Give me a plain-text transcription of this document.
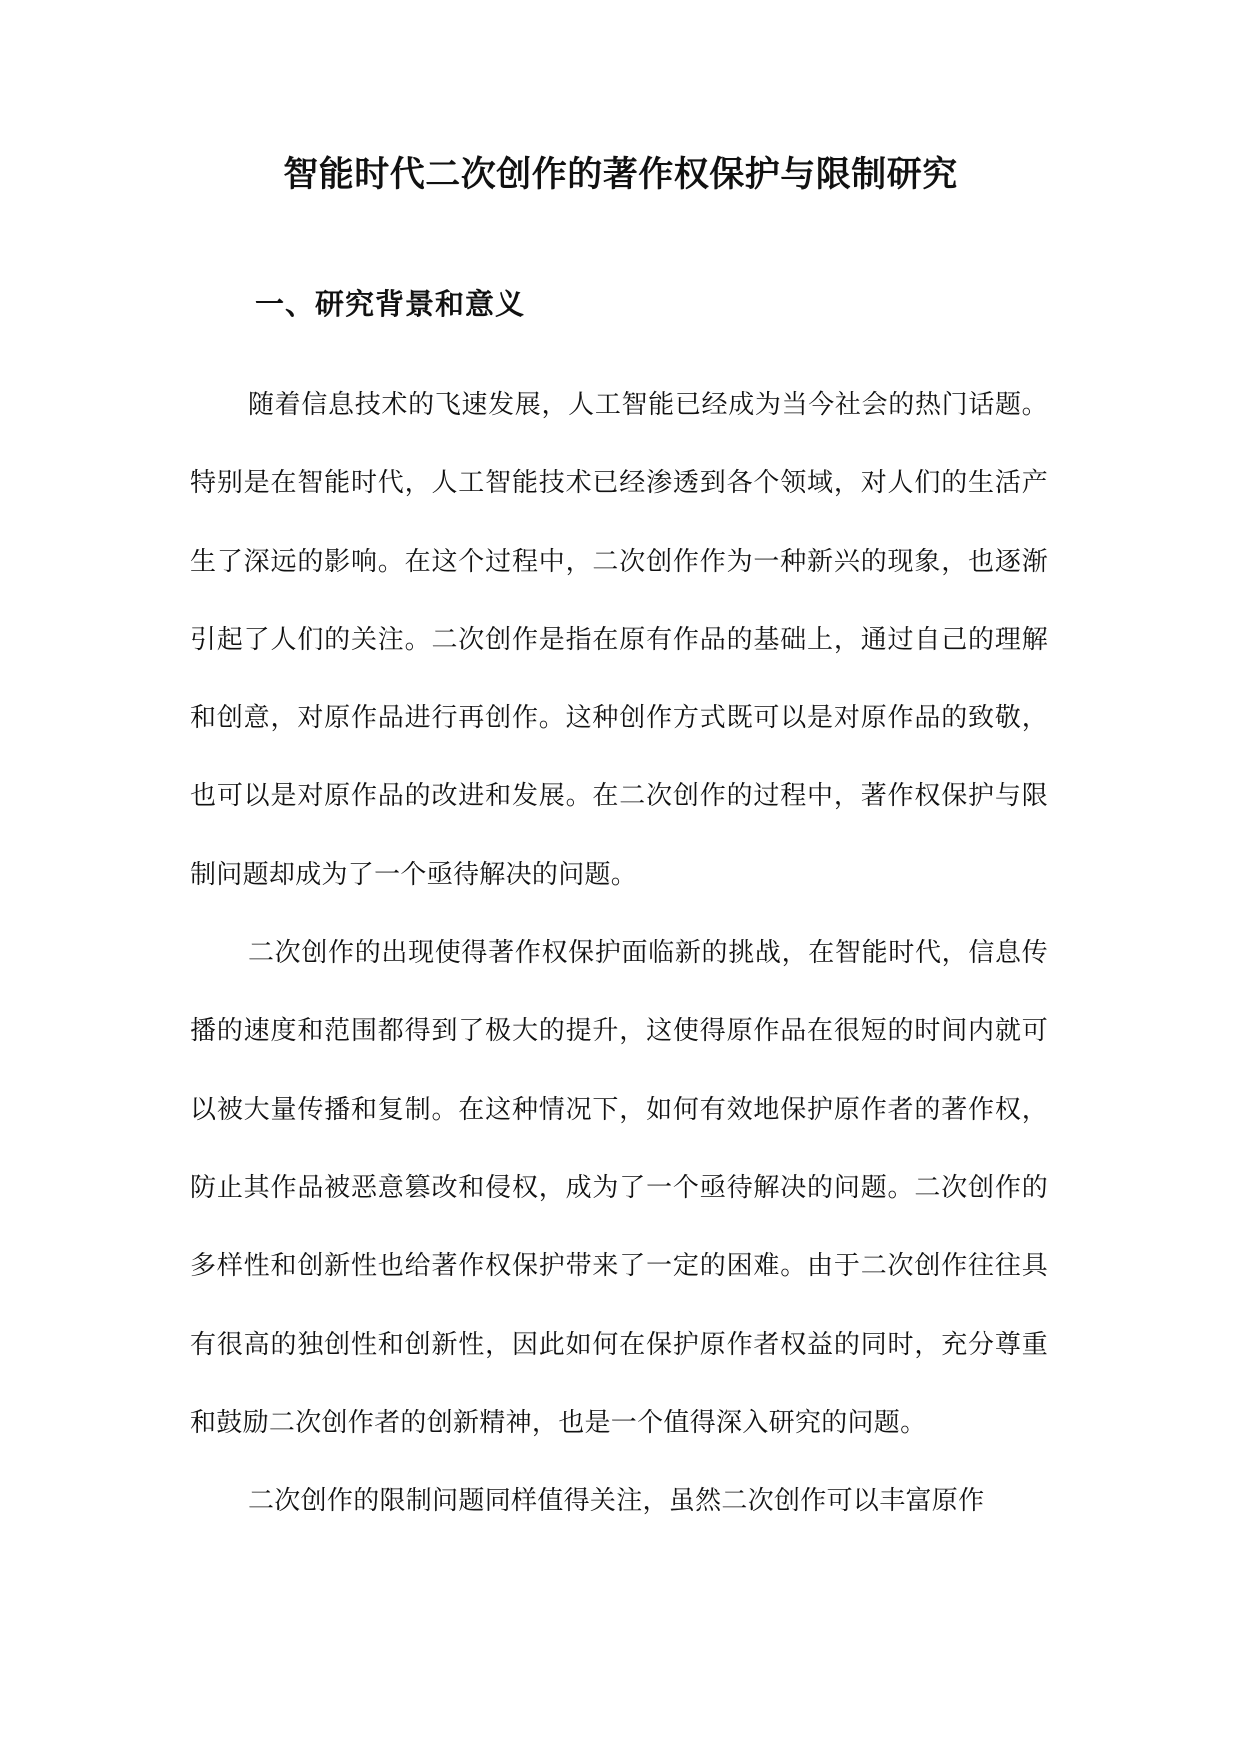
智能时代二次创作的著作权保护与限制研究
一、研究背景和意义

随着信息技术的飞速发展，人工智能已经成为当今社会的热门话题。特别是在智能时代，人工智能技术已经渗透到各个领域，对人们的生活产生了深远的影响。在这个过程中，二次创作作为一种新兴的现象，也逐渐引起了人们的关注。二次创作是指在原有作品的基础上，通过自己的理解和创意，对原作品进行再创作。这种创作方式既可以是对原作品的致敬，也可以是对原作品的改进和发展。在二次创作的过程中，著作权保护与限制问题却成为了一个亟待解决的问题。

二次创作的出现使得著作权保护面临新的挑战，在智能时代，信息传播的速度和范围都得到了极大的提升，这使得原作品在很短的时间内就可以被大量传播和复制。在这种情况下，如何有效地保护原作者的著作权，防止其作品被恶意篡改和侵权，成为了一个亟待解决的问题。二次创作的多样性和创新性也给著作权保护带来了一定的困难。由于二次创作往往具有很高的独创性和创新性，因此如何在保护原作者权益的同时，充分尊重和鼓励二次创作者的创新精神，也是一个值得深入研究的问题。

二次创作的限制问题同样值得关注，虽然二次创作可以丰富原作
